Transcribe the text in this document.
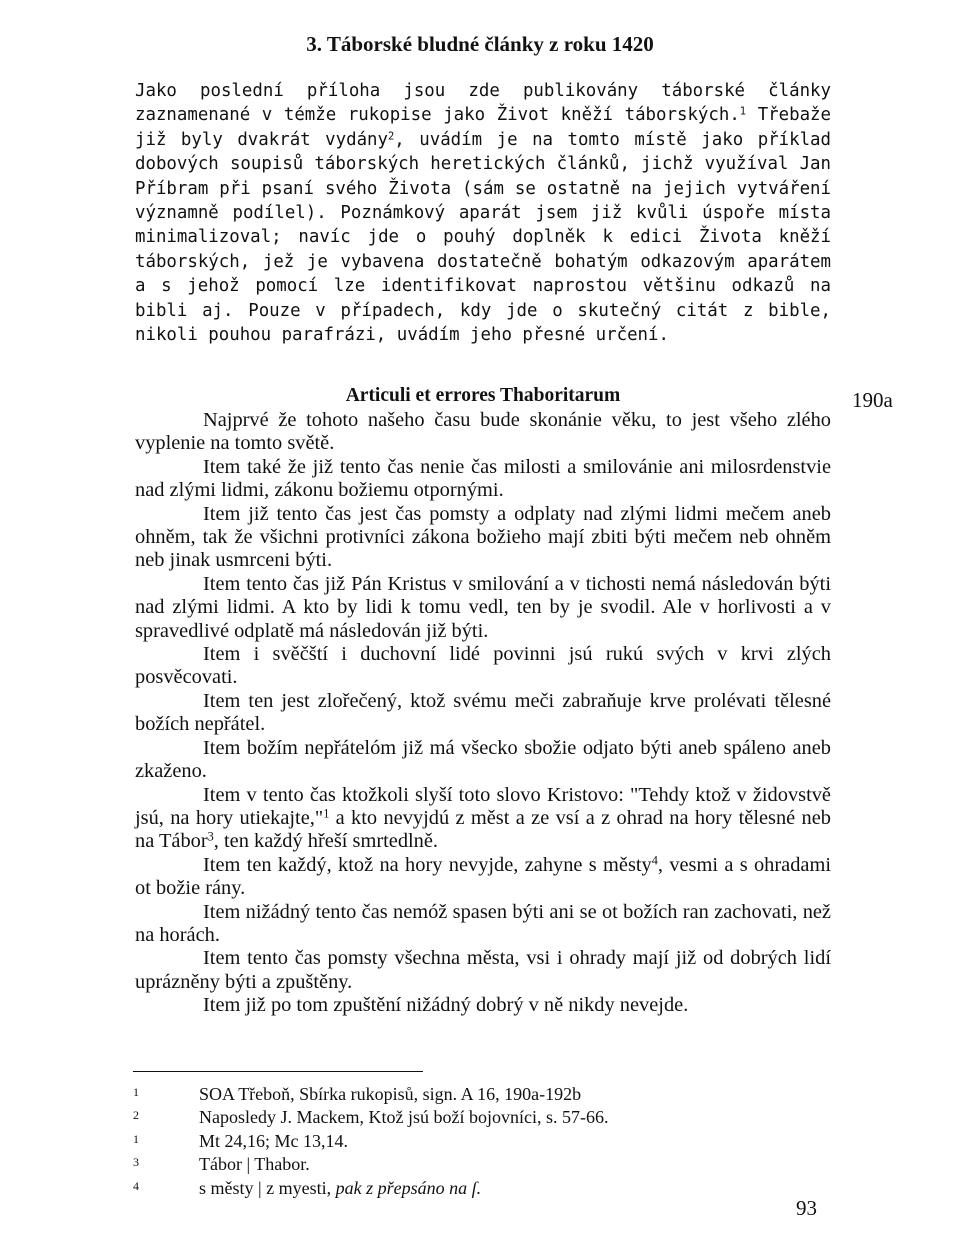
3. Táborské bludné články z roku 1420

Jako poslední příloha jsou zde publikovány táborské články zaznamenané v témže rukopise jako Život kněží táborských.$^1$ Třebaže již byly dvakrát vydány$^2$, uvádím je na tomto místě jako příklad dobových soupisů táborských heretických článků, jichž využíval Jan Příbram při psaní svého Života (sám se ostatně na jejich vytváření významně podílel). Poznámkový aparát jsem již kvůli úspoře místa minimalizoval; navíc jde o pouhý doplněk k edici Života kněží táborských, jež je vybavena dostatečně bohatým odkazovým aparátem a s jehož pomocí lze identifikovat naprostou většinu odkazů na bibli aj. Pouze v případech, kdy jde o skutečný citát z bible, nikoli pouhou parafrázi, uvádím jeho přesné určení.

Articuli et errores Thaboritarum	190a

Najprvé že tohoto našeho času bude skonánie věku, to jest všeho zlého vyplenie na tomto světě.

Item také že již tento čas nenie čas milosti a smilovánie ani milosrdenstvie nad zlými lidmi, zákonu božiemu otpornými.

Item již tento čas jest čas pomsty a odplaty nad zlými lidmi mečem aneb ohněm, tak že všichni protivníci zákona božieho mají zbiti býti mečem neb ohněm neb jinak usmrceni býti.

Item tento čas již Pán Kristus v smilování a v tichosti nemá následován býti nad zlými lidmi. A kto by lidi k tomu vedl, ten by je svodil. Ale v horlivosti a v spravedlivé odplatě má následován již býti.

Item i svěčští i duchovní lidé povinni jsú rukú svých v krvi zlých posvěcovati.

Item ten jest zlořečený, ktož svému meči zabraňuje krve prolévati tělesné božích nepřátel.

Item božím nepřátelóm již má všecko sbožie odjato býti aneb spáleno aneb zkaženo.

Item v tento čas ktožkoli slyší toto slovo Kristovo: "Tehdy ktož v židovstvě jsú, na hory utiekajte,"$^1$ a kto nevyjdú z měst a ze vsí a z ohrad na hory tělesné neb na Tábor$^3$, ten každý hřeší smrtedlně.

Item ten každý, ktož na hory nevyjde, zahyne s městy$^4$, vesmi a s ohradami ot božie rány.

Item nižádný tento čas nemóž spasen býti ani se ot božích ran zachovati, než na horách.

Item tento čas pomsty všechna města, vsi i ohrady mají již od dobrých lidí uprázněny býti a zpuštěny.

Item již po tom zpuštění nižádný dobrý v ně nikdy nevejde.

1	SOA Třeboň, Sbírka rukopisů, sign. A 16, 190a-192b
2	Naposledy J. Mackem, Ktož jsú boží bojovníci, s. 57-66.
1	Mt 24,16; Mc 13,14.
3	Tábor | Thabor.
4	s městy | z myesti, pak z přepsáno na ſ.
93
